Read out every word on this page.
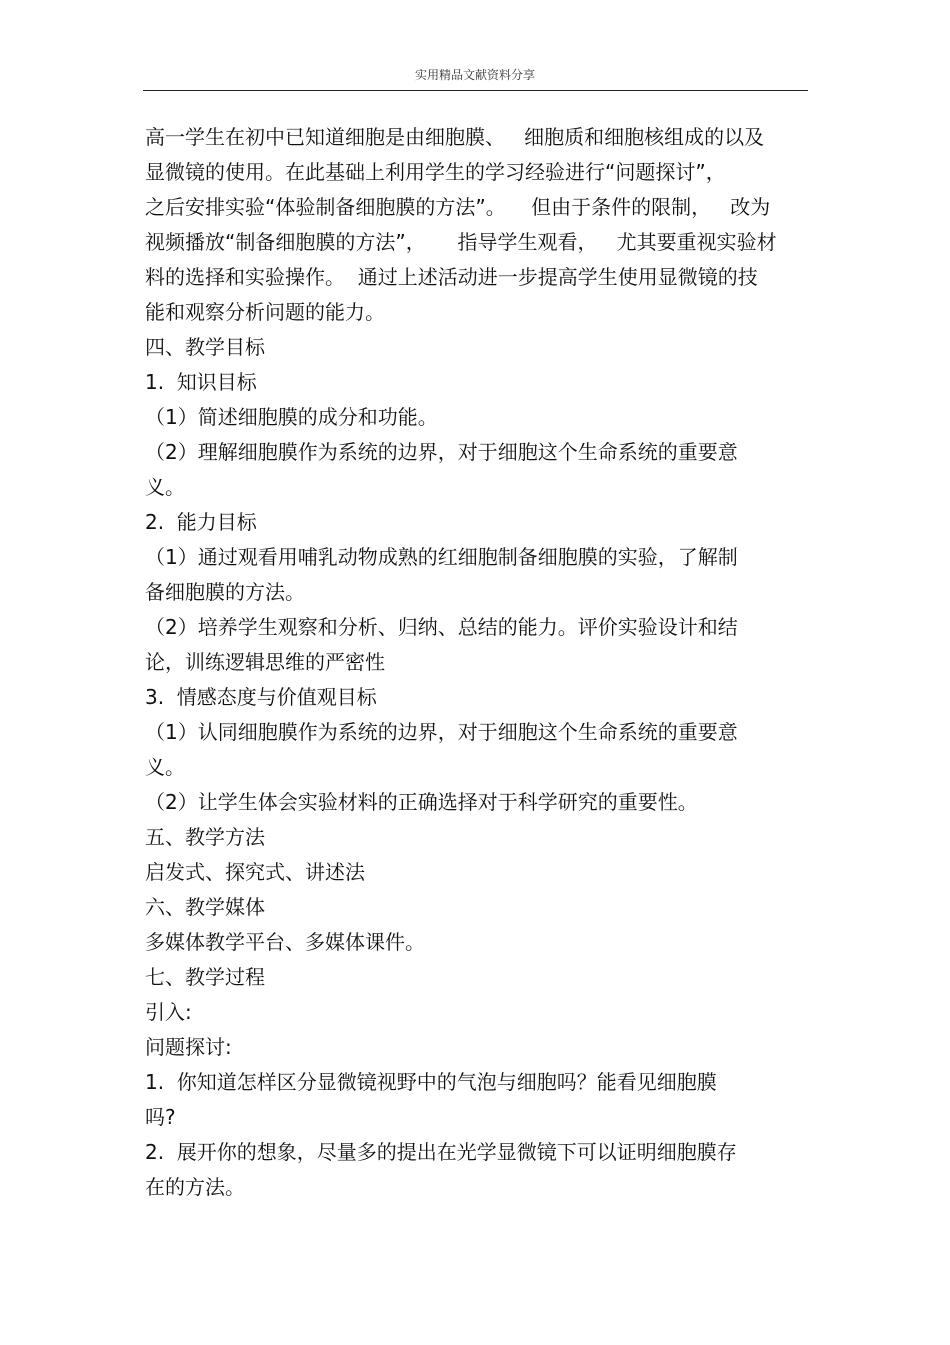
实用精品文献资料分享
高一学生在初中已知道细胞是由细胞膜、   细胞质和细胞核组成的以及
显微镜的使用。在此基础上利用学生的学习经验进行“问题探讨”，
之后安排实验“体验制备细胞膜的方法”。    但由于条件的限制，   改为
视频播放“制备细胞膜的方法”，     指导学生观看，   尤其要重视实验材
料的选择和实验操作。  通过上述活动进一步提高学生使用显微镜的技
能和观察分析问题的能力。
四、教学目标
1.  知识目标
（1）简述细胞膜的成分和功能。
（2）理解细胞膜作为系统的边界，对于细胞这个生命系统的重要意
义。
2.  能力目标
（1）通过观看用哺乳动物成熟的红细胞制备细胞膜的实验，了解制
备细胞膜的方法。
（2）培养学生观察和分析、归纳、总结的能力。评价实验设计和结
论，训练逻辑思维的严密性
3.  情感态度与价值观目标
（1）认同细胞膜作为系统的边界，对于细胞这个生命系统的重要意
义。
（2）让学生体会实验材料的正确选择对于科学研究的重要性。
五、教学方法
启发式、探究式、讲述法
六、教学媒体
多媒体教学平台、多媒体课件。
七、教学过程
引入:
问题探讨:
1.  你知道怎样区分显微镜视野中的气泡与细胞吗？能看见细胞膜
吗?
2.  展开你的想象，尽量多的提出在光学显微镜下可以证明细胞膜存
在的方法。
